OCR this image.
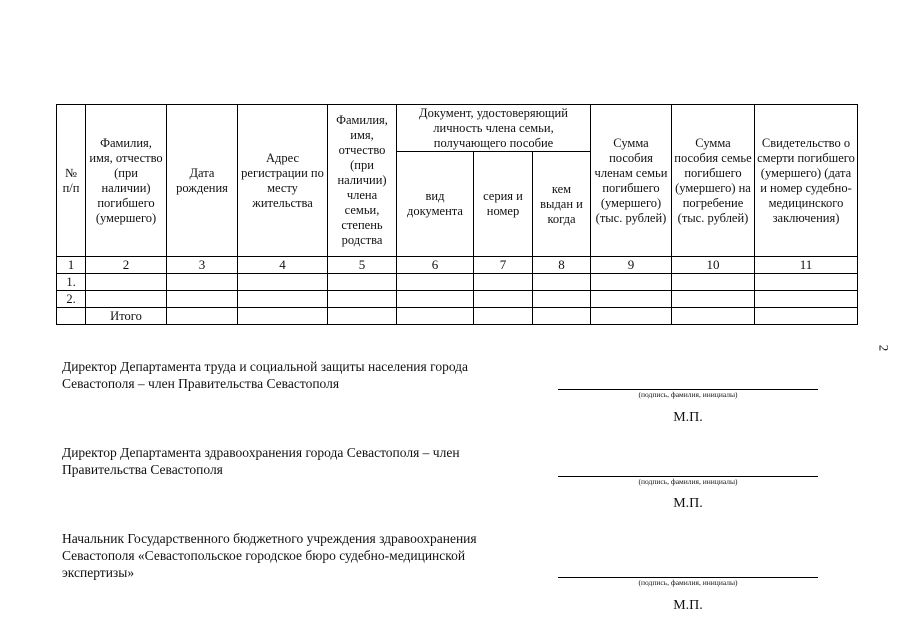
№ п/п	Фамилия, имя, отчество (при наличии) погибшего (умершего)	Дата рождения	Адрес регистрации по месту жительства	Фамилия, имя, отчество (при наличии) члена семьи, степень родства	Документ, удостоверяющий личность члена семьи, получающего пособие			Сумма пособия членам семьи погибшего (умершего) (тыс. рублей)	Сумма пособия семье погибшего (умершего) на погребение (тыс. рублей)	Свидетельство о смерти погибшего (умершего) (дата и номер судебно-медицинского заключения)
					вид документа	серия и номер	кем выдан и когда			
1	2	3	4	5	6	7	8	9	10	11
1.										
2.										
	Итого									
Директор Департамента труда и социальной защиты населения города Севастополя – член Правительства Севастополя
(подпись, фамилия, инициалы)
М.П.
Директор Департамента здравоохранения города Севастополя – член Правительства Севастополя
(подпись, фамилия, инициалы)
М.П.
Начальник Государственного бюджетного учреждения здравоохранения Севастополя «Севастопольское городское бюро судебно-медицинской экспертизы»
(подпись, фамилия, инициалы)
М.П.
2
